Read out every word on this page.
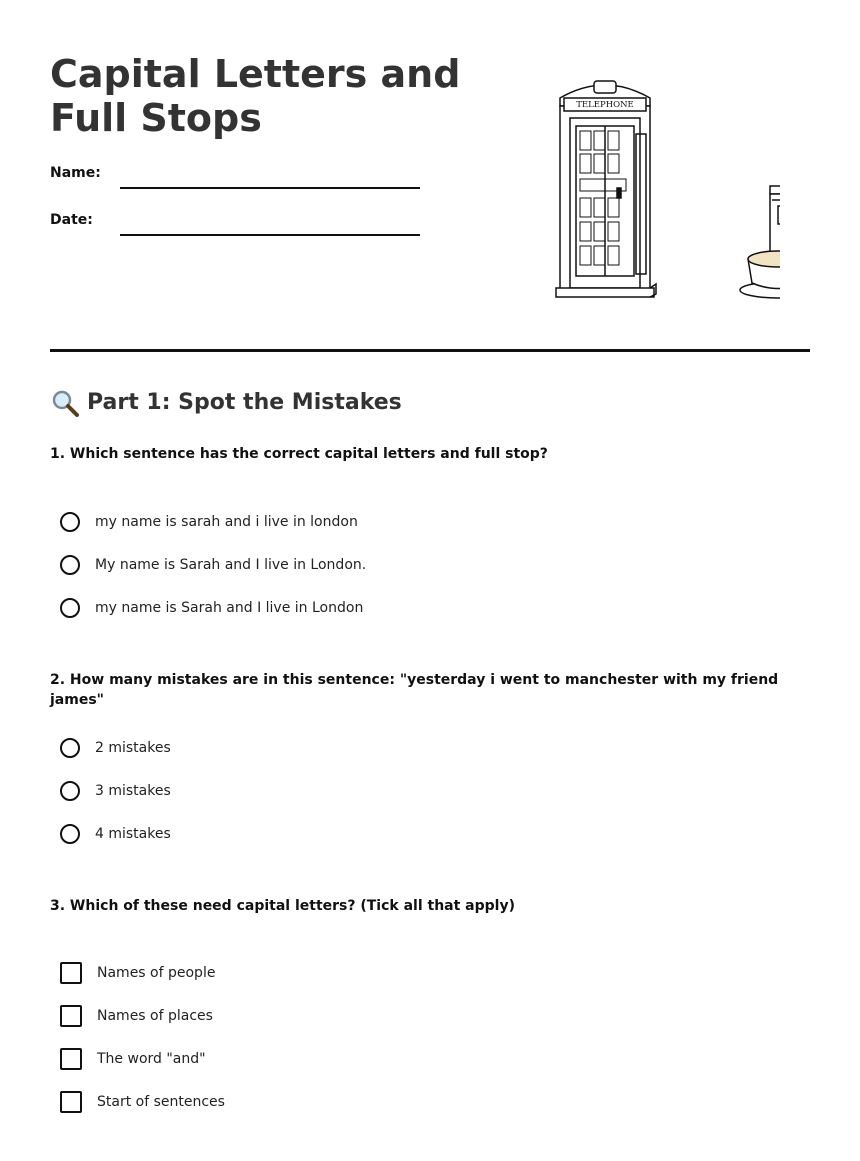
Capital Letters and Full Stops
Name:
Date:
TELEPHONE
Part 1: Spot the Mistakes

1. Which sentence has the correct capital letters and full stop?

my name is sarah and i live in london
My name is Sarah and I live in London.
my name is Sarah and I live in London

2. How many mistakes are in this sentence: "yesterday i went to manchester with my friend james"

2 mistakes
3 mistakes
4 mistakes

3. Which of these need capital letters? (Tick all that apply)

Names of people
Names of places
The word "and"
Start of sentences
